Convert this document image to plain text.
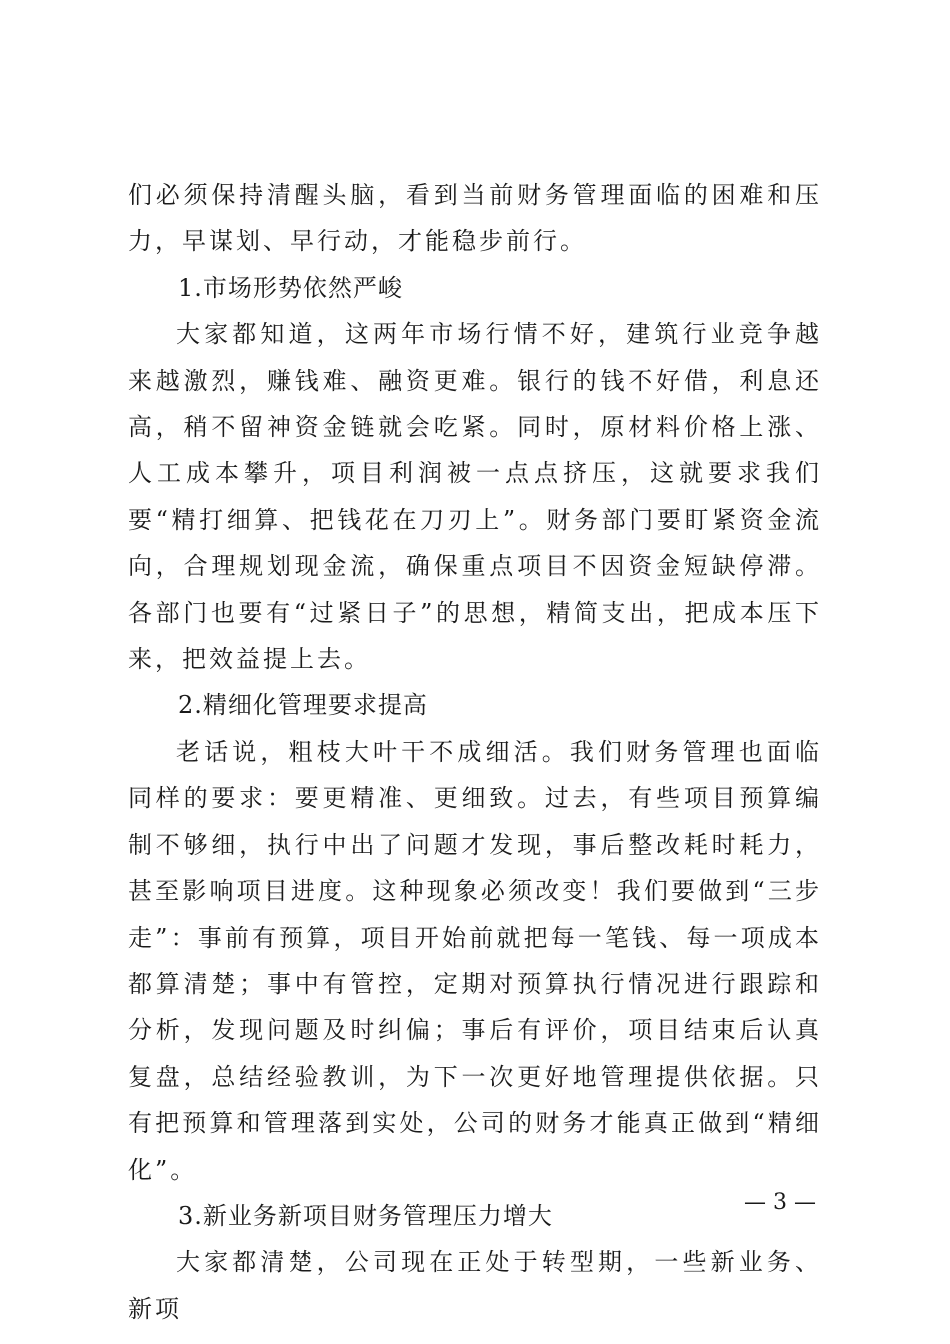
们必须保持清醒头脑，看到当前财务管理面临的困难和压力，早谋划、早行动，才能稳步前行。

1.市场形势依然严峻

大家都知道，这两年市场行情不好，建筑行业竞争越来越激烈，赚钱难、融资更难。银行的钱不好借，利息还高，稍不留神资金链就会吃紧。同时，原材料价格上涨、人工成本攀升，项目利润被一点点挤压，这就要求我们要“精打细算、把钱花在刀刃上”。财务部门要盯紧资金流向，合理规划现金流，确保重点项目不因资金短缺停滞。各部门也要有“过紧日子”的思想，精简支出，把成本压下来，把效益提上去。

2.精细化管理要求提高

老话说，粗枝大叶干不成细活。我们财务管理也面临同样的要求：要更精准、更细致。过去，有些项目预算编制不够细，执行中出了问题才发现，事后整改耗时耗力，甚至影响项目进度。这种现象必须改变！我们要做到“三步走”：事前有预算，项目开始前就把每一笔钱、每一项成本都算清楚；事中有管控，定期对预算执行情况进行跟踪和分析，发现问题及时纠偏；事后有评价，项目结束后认真复盘，总结经验教训，为下一次更好地管理提供依据。只有把预算和管理落到实处，公司的财务才能真正做到“精细化”。

3.新业务新项目财务管理压力增大

大家都清楚，公司现在正处于转型期，一些新业务、新项

— 3 —
